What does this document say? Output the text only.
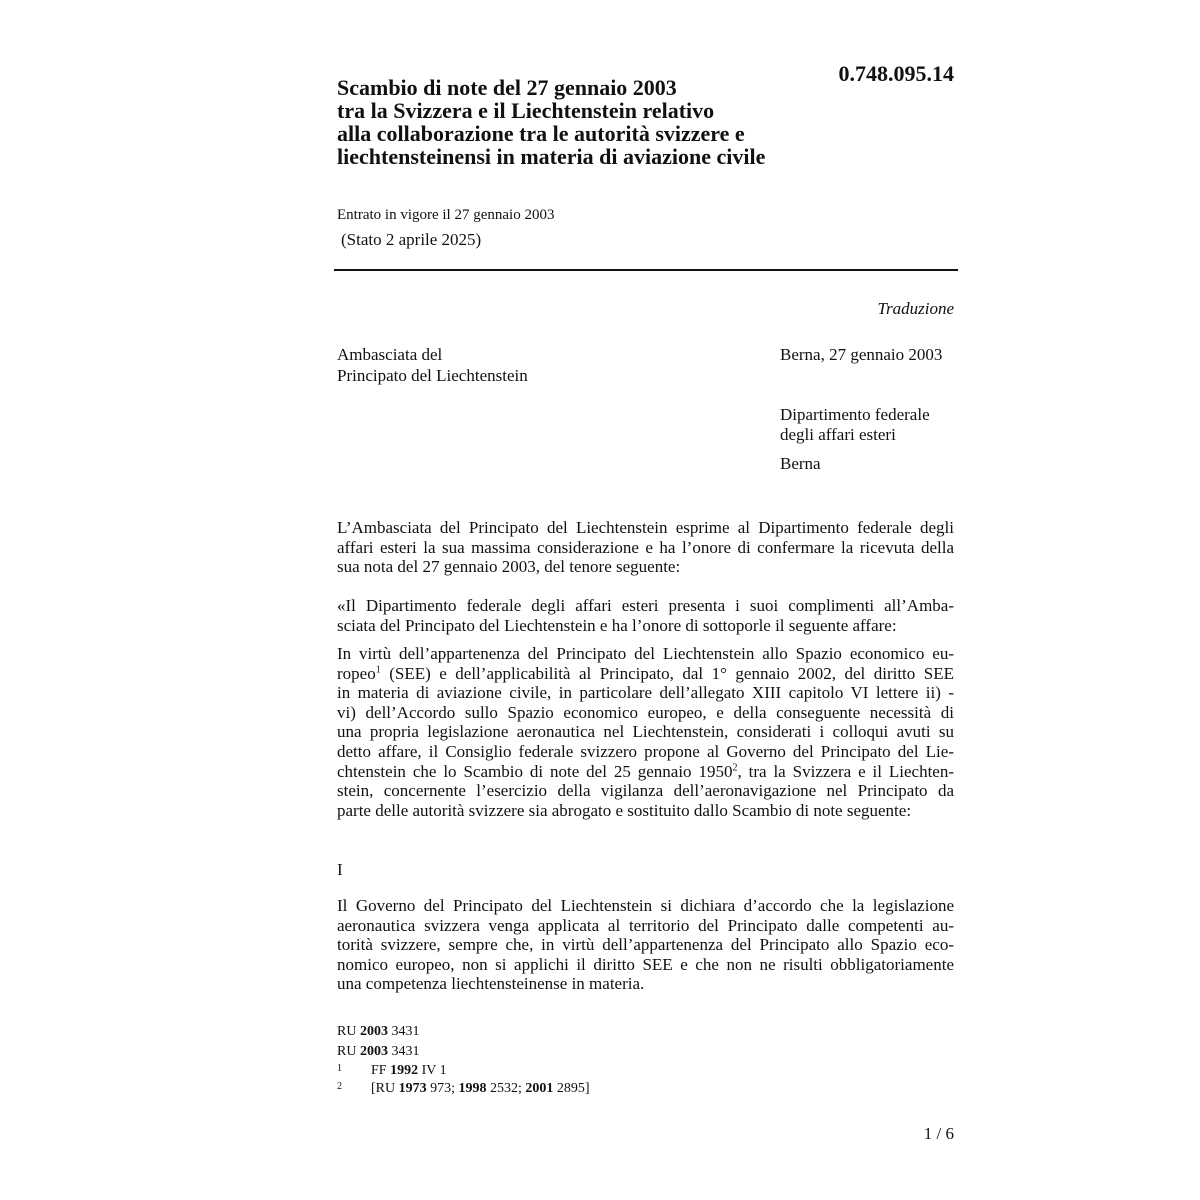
Scambio di note del 27 gennaio 2003
tra la Svizzera e il Liechtenstein relativo
alla collaborazione tra le autorità svizzere e
liechtensteinensi in materia di aviazione civile
0.748.095.14
Entrato in vigore il 27 gennaio 2003
(Stato 2 aprile 2025)
Traduzione
Ambasciata del
Principato del Liechtenstein
Berna, 27 gennaio 2003
Dipartimento federale
degli affari esteri
Berna
L’Ambasciata del Principato del Liechtenstein esprime al Dipartimento federale degli
affari esteri la sua massima considerazione e ha l’onore di confermare la ricevuta della
sua nota del 27 gennaio 2003, del tenore seguente:
«Il Dipartimento federale degli affari esteri presenta i suoi complimenti all’Amba-
sciata del Principato del Liechtenstein e ha l’onore di sottoporle il seguente affare:
In virtù dell’appartenenza del Principato del Liechtenstein allo Spazio economico eu-
ropeo$^1$ (SEE) e dell’applicabilità al Principato, dal 1° gennaio 2002, del diritto SEE
in materia di aviazione civile, in particolare dell’allegato XIII capitolo VI lettere ii) -
vi) dell’Accordo sullo Spazio economico europeo, e della conseguente necessità di
una propria legislazione aeronautica nel Liechtenstein, considerati i colloqui avuti su
detto affare, il Consiglio federale svizzero propone al Governo del Principato del Lie-
chtenstein che lo Scambio di note del 25 gennaio 1950$^2$, tra la Svizzera e il Liechten-
stein, concernente l’esercizio della vigilanza dell’aeronavigazione nel Principato da
parte delle autorità svizzere sia abrogato e sostituito dallo Scambio di note seguente:
I
Il Governo del Principato del Liechtenstein si dichiara d’accordo che la legislazione
aeronautica svizzera venga applicata al territorio del Principato dalle competenti au-
torità svizzere, sempre che, in virtù dell’appartenenza del Principato allo Spazio eco-
nomico europeo, non si applichi il diritto SEE e che non ne risulti obbligatoriamente
una competenza liechtensteinense in materia.
RU 2003 3431
RU 2003 3431
1 FF 1992 IV 1
2 [RU 1973 973; 1998 2532; 2001 2895]
1 / 6
